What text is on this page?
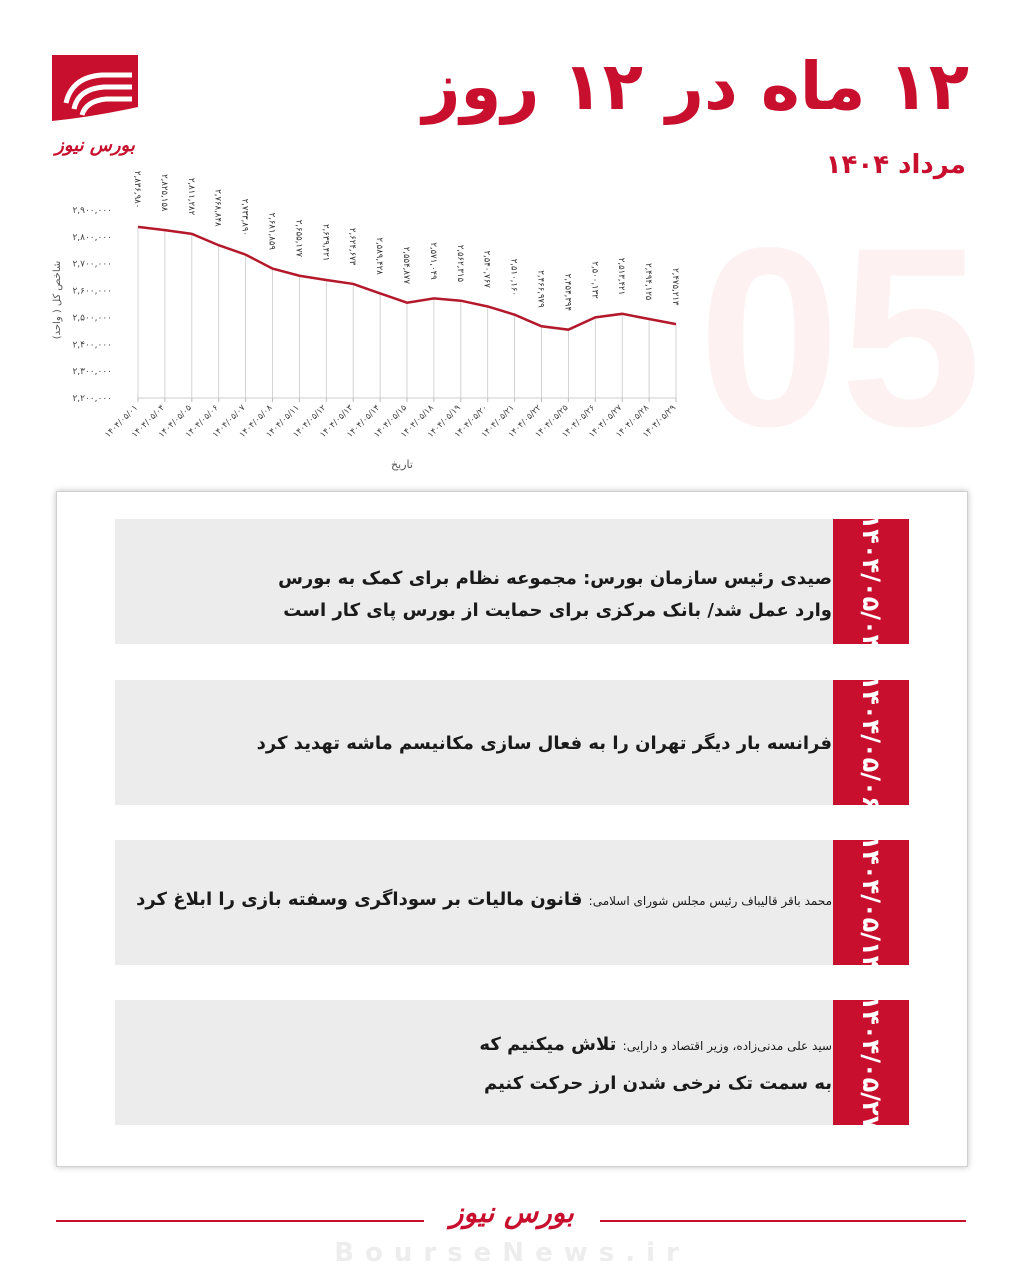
بورس نیوز
۱۲ ماه در ۱۲ روز
مرداد ۱۴۰۴
05
۲,۲۰۰,۰۰۰
۲,۳۰۰,۰۰۰
۲,۴۰۰,۰۰۰
۲,۵۰۰,۰۰۰
۲,۶۰۰,۰۰۰
۲,۷۰۰,۰۰۰
۲,۸۰۰,۰۰۰
۲,۹۰۰,۰۰۰
۱۴۰۴/۰۵/۰۱
۱۴۰۴/۰۵/۰۴
۱۴۰۴/۰۵/۰۵
۱۴۰۴/۰۵/۰۶
۱۴۰۴/۰۵/۰۷
۱۴۰۴/۰۵/۰۸
۱۴۰۴/۰۵/۱۱
۱۴۰۴/۰۵/۱۲
۱۴۰۴/۰۵/۱۳
۱۴۰۴/۰۵/۱۴
۱۴۰۴/۰۵/۱۵
۱۴۰۴/۰۵/۱۸
۱۴۰۴/۰۵/۱۹
۱۴۰۴/۰۵/۲۰
۱۴۰۴/۰۵/۲۱
۱۴۰۴/۰۵/۲۲
۱۴۰۴/۰۵/۲۵
۱۴۰۴/۰۵/۲۶
۱۴۰۴/۰۵/۲۷
۱۴۰۴/۰۵/۲۸
۱۴۰۴/۰۵/۲۹
۲,۸۳۶,۹۸۰ ۲,۸۲۵,۱۵۸ ۲,۸۱۱,۲۸۲ ۲,۷۶۸,۸۴۸ ۲,۷۳۳,۸۹۰ ۲,۶۸۱,۸۵۹ ۲,۶۵۵,۱۷۷ ۲,۶۳۹,۴۲۱ ۲,۶۲۴,۶۷۳ ۲,۵۸۹,۴۲۸ ۲,۵۵۴,۸۷۷ ۲,۵۷۱,۰۴۹ ۲,۵۶۲,۳۱۵ ۲,۵۴۰,۷۶۷ ۲,۵۱۰,۱۶۰ ۲,۴۶۶,۹۷۹ ۲,۴۵۴,۳۹۴ ۲,۵۰۰,۱۳۲ ۲,۵۱۳,۴۲۱ ۲,۴۹۴,۱۲۵ ۲,۴۷۵,۲۱۳
شاخص کل ( واحد)
تاریخ
صیدی رئیس سازمان بورس: مجموعه نظام برای کمک به بورس
وارد عمل شد/ بانک مرکزی برای حمایت از بورس پای کار است ۱۴۰۴/۰۵/۰۴
فرانسه بار دیگر تهران را به فعال سازی مکانیسم ماشه تهدید کرد ۱۴۰۴/۰۵/۰۶
محمد باقر قالیباف رئیس مجلس شورای اسلامی: قانون مالیات بر سوداگری وسفته بازی را ابلاغ کرد	۱۴۰۴/۰۵/۱۴
سید علی مدنی‌زاده، وزیر اقتصاد و دارایی: تلاش میکنیم که
به سمت تک نرخی شدن ارز حرکت کنیم ۱۴۰۴/۰۵/۲۷
بورس نیوز
BourseNews.ir
